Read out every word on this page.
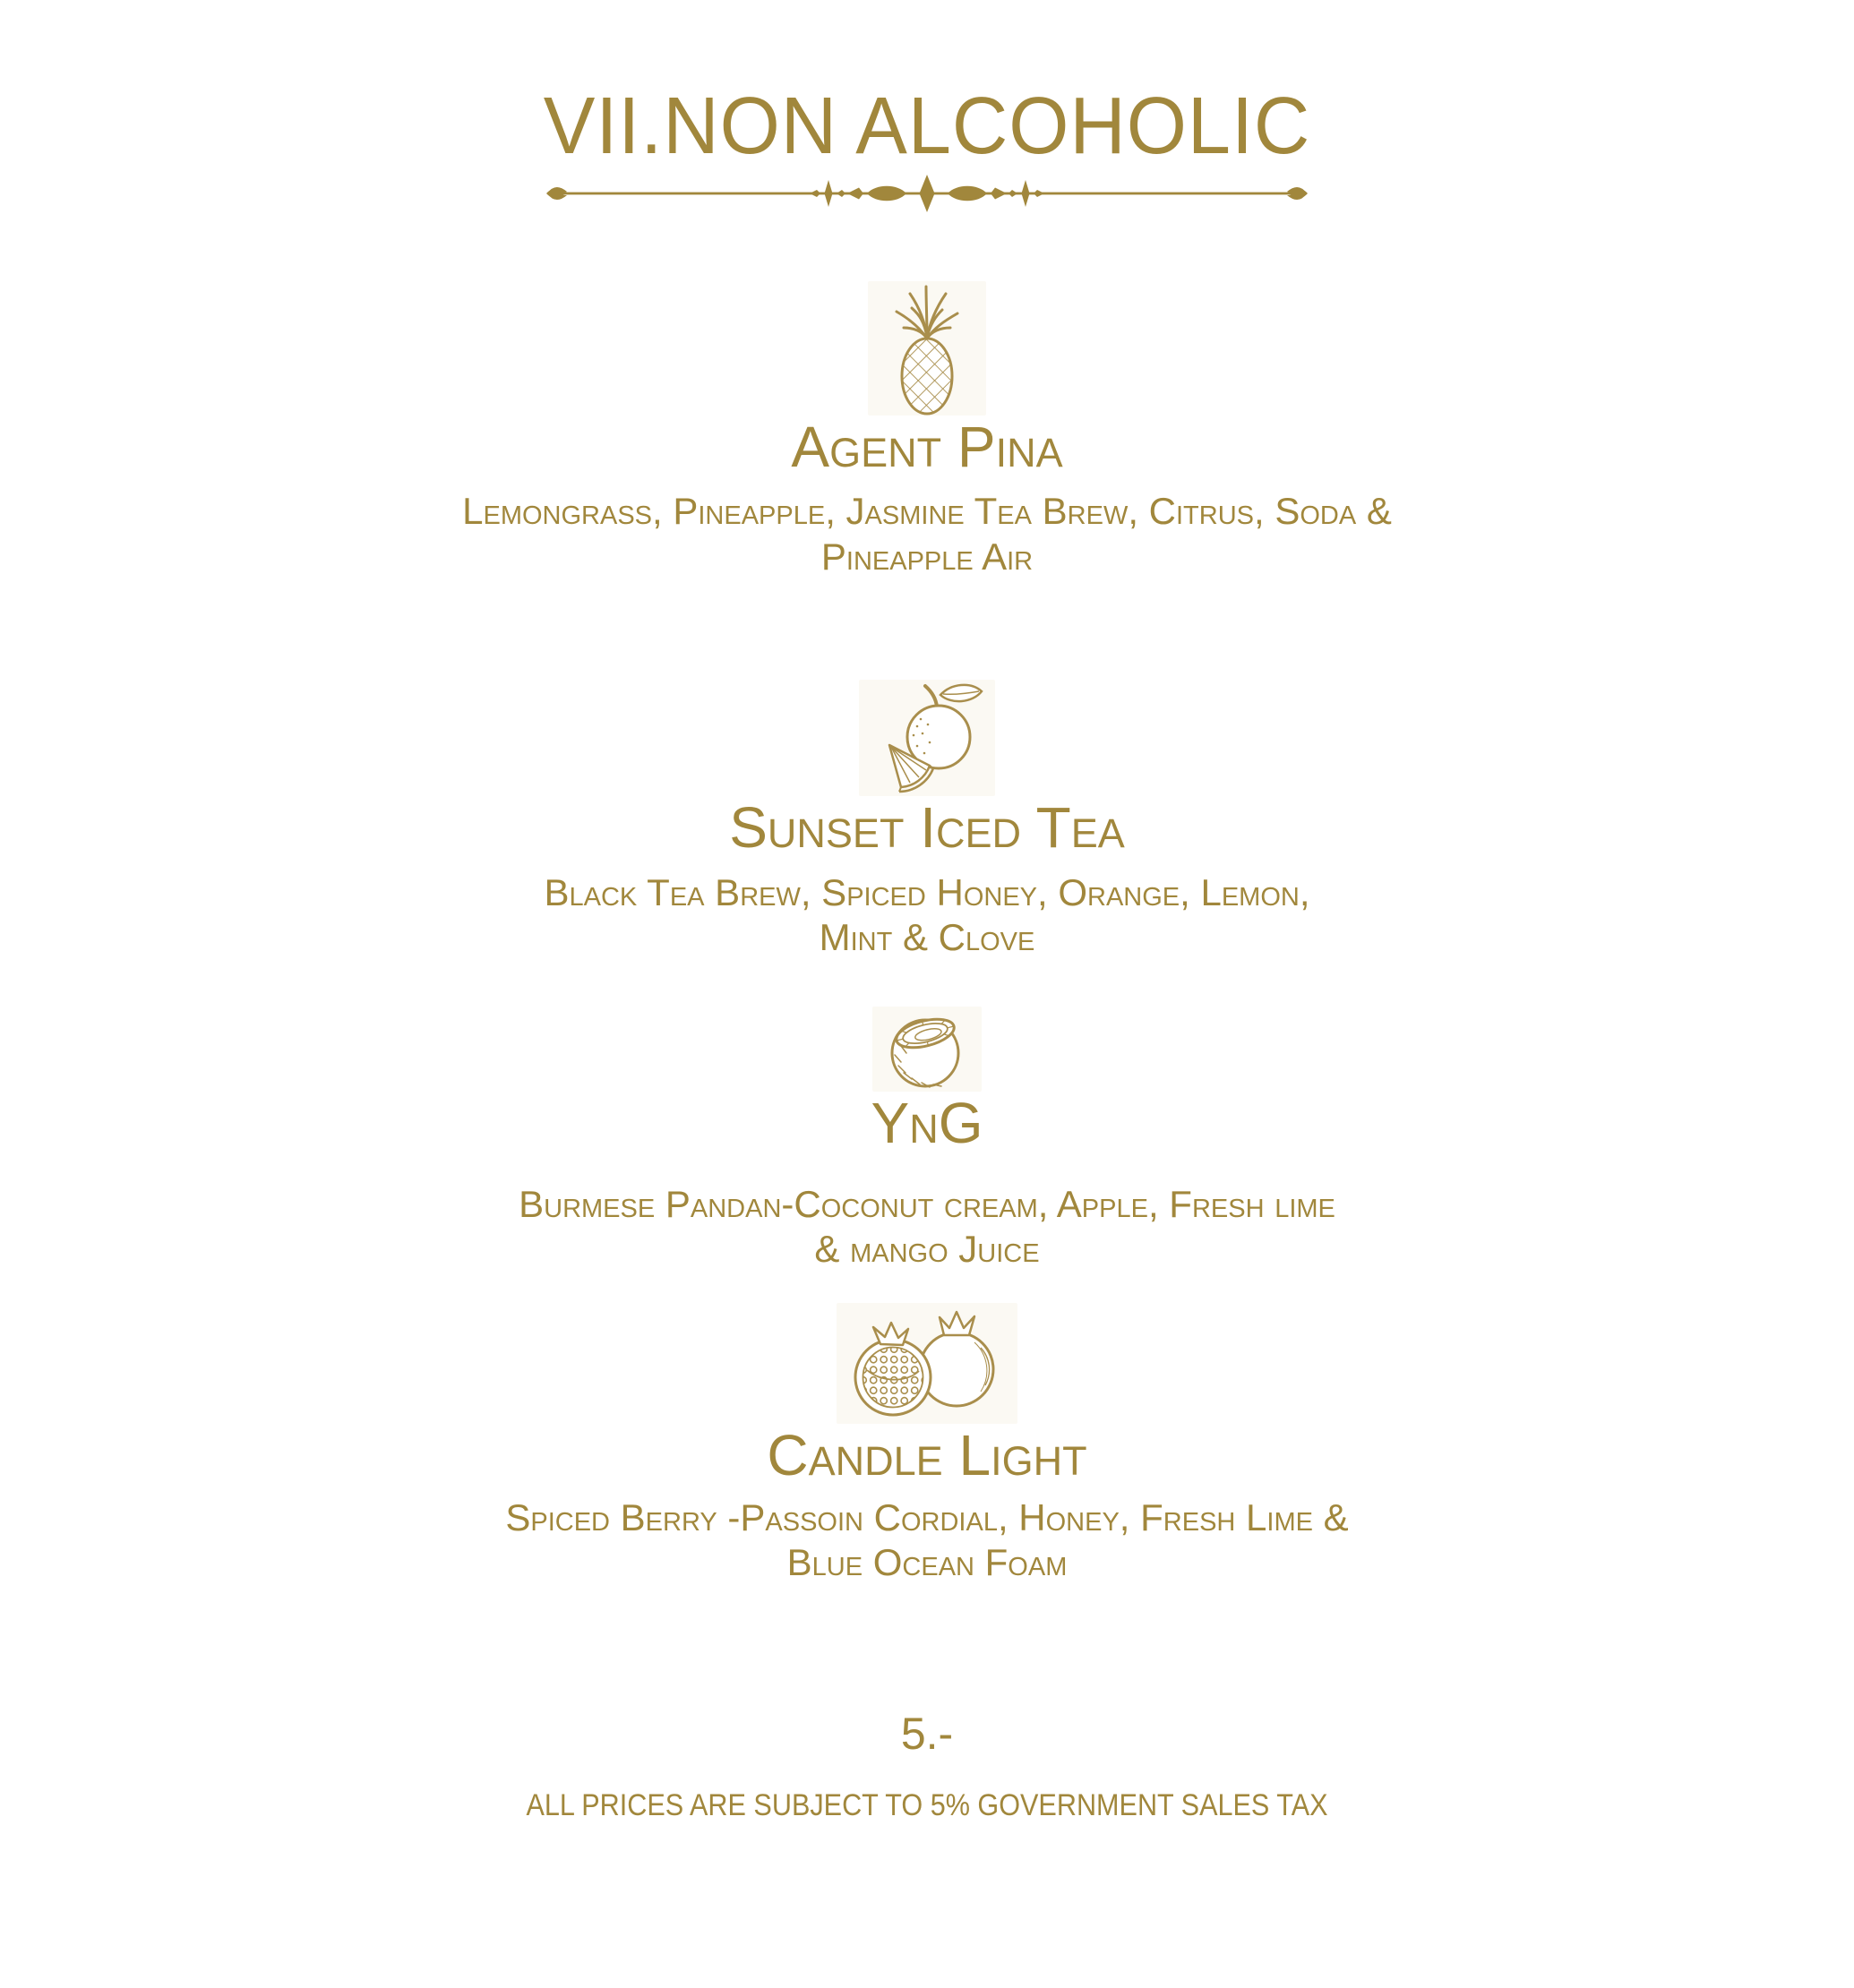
VII.NON ALCOHOLIC
Agent Pina

Lemongrass, Pineapple, Jasmine Tea Brew, Citrus, Soda &
Pineapple Air

Sunset Iced Tea

Black Tea Brew, Spiced Honey, Orange, Lemon,
Mint & Clove

YnG

Burmese Pandan-Coconut cream, Apple, Fresh lime
& mango Juice

Candle Light

Spiced Berry -Passoin Cordial, Honey, Fresh Lime &
Blue Ocean Foam

5.-
ALL PRICES ARE SUBJECT TO 5% GOVERNMENT SALES TAX
